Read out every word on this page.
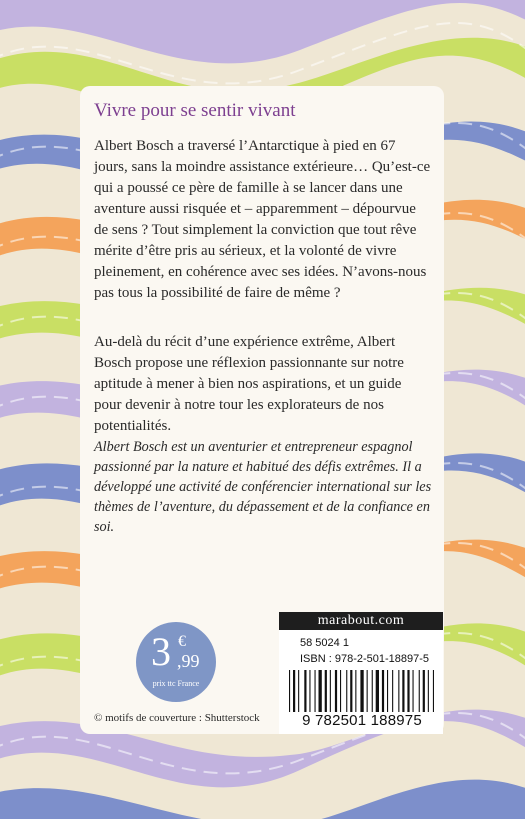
Vivre pour se sentir vivant

Albert Bosch a traversé l’Antarctique à pied en 67 jours, sans la moindre assistance extérieure… Qu’est-ce qui a poussé ce père de famille à se lancer dans une aventure aussi risquée et – apparemment – dépourvue de sens ? Tout simplement la conviction que tout rêve mérite d’être pris au sérieux, et la volonté de vivre pleinement, en cohérence avec ses idées. N’avons-nous pas tous la possibilité de faire de même ?

Au-delà du récit d’une expérience extrême, Albert Bosch propose une réflexion passionnante sur notre aptitude à mener à bien nos aspirations, et un guide pour devenir à notre tour les explorateurs de nos potentialités.

Albert Bosch est un aventurier et entrepreneur espagnol passionné par la nature et habitué des défis extrêmes. Il a développé une activité de conférencier international sur les thèmes de l’aventure, du dépassement et de la confiance en soi.

3 €
,99
prix ttc France
© motifs de couverture : Shutterstock
marabout.com
58 5024 1
ISBN : 978-2-501-18897-5
9 782501 188975
